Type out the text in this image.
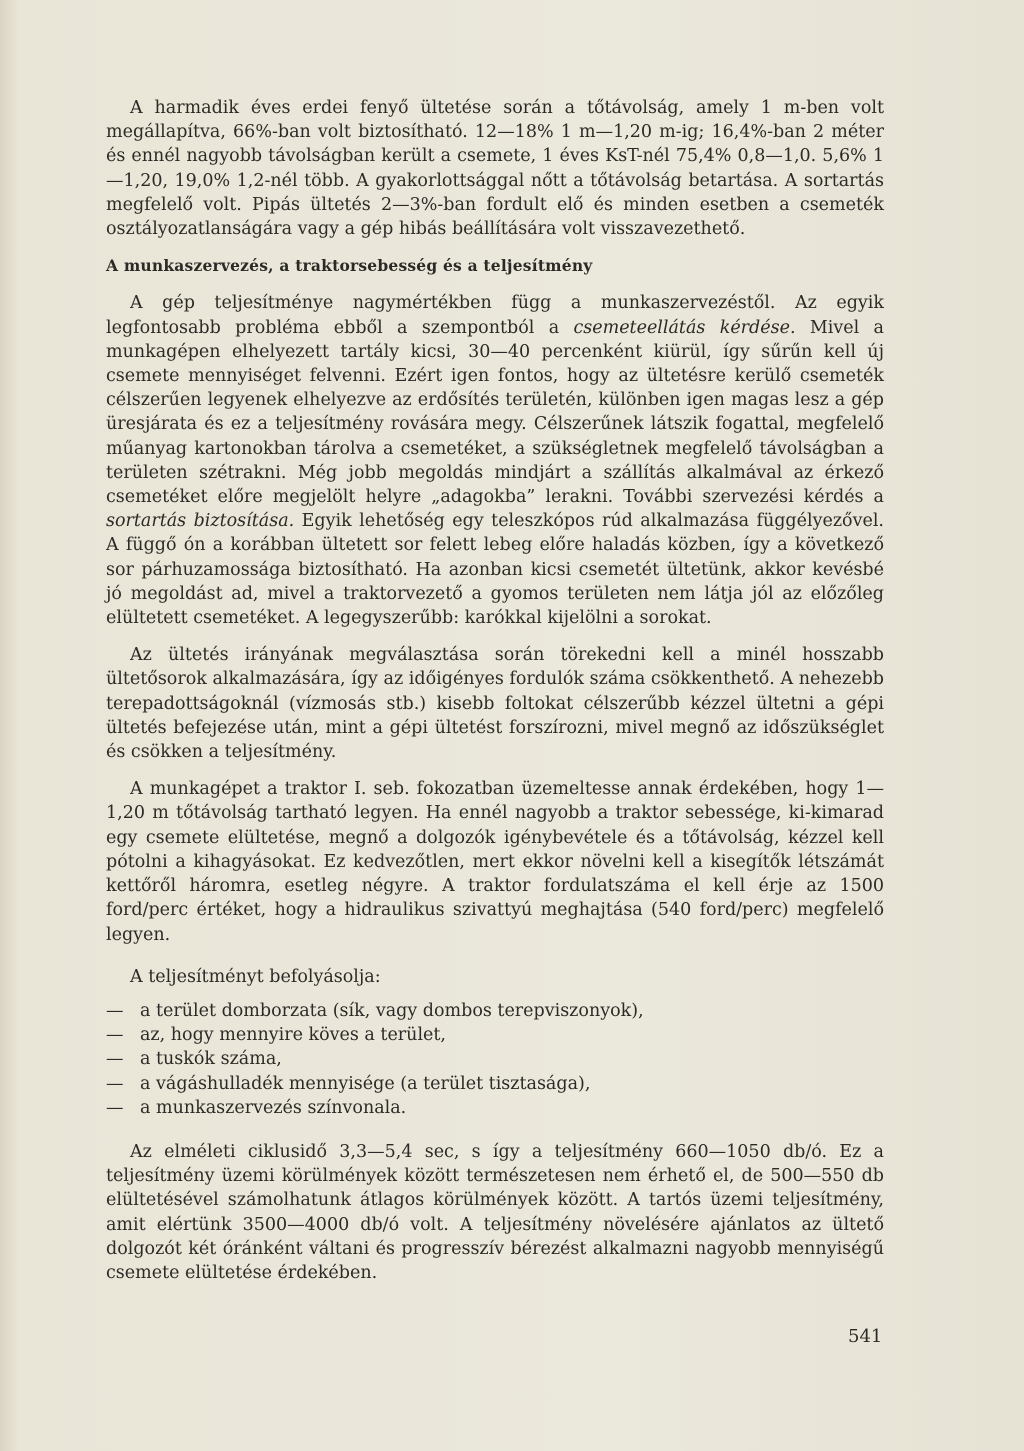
A harmadik éves erdei fenyő ültetése során a tőtávolság, amely 1 m-ben volt megállapítva, 66%-ban volt biztosítható. 12—18% 1 m—1,20 m-ig; 16,4%-ban 2 méter és ennél nagyobb távolságban került a csemete, 1 éves KsT-nél 75,4% 0,8—1,0. 5,6% 1—1,20, 19,0% 1,2-nél több. A gyakorlottsággal nőtt a tőtávolság betartása. A sortartás megfelelő volt. Pipás ültetés 2—3%-ban fordult elő és minden esetben a csemeték osztályozatlanságára vagy a gép hibás beállítására volt visszavezethető.

A munkaszervezés, a traktorsebesség és a teljesítmény

A gép teljesítménye nagymértékben függ a munkaszervezéstől. Az egyik legfontosabb probléma ebből a szempontból a csemeteellátás kérdése. Mivel a munkagépen elhelyezett tartály kicsi, 30—40 percenként kiürül, így sűrűn kell új csemete mennyiséget felvenni. Ezért igen fontos, hogy az ültetésre kerülő csemeték célszerűen legyenek elhelyezve az erdősítés területén, különben igen magas lesz a gép üresjárata és ez a teljesítmény rovására megy. Célszerűnek látszik fogattal, megfelelő műanyag kartonokban tárolva a csemetéket, a szükségletnek megfelelő távolságban a területen szétrakni. Még jobb megoldás mindjárt a szállítás alkalmával az érkező csemetéket előre megjelölt helyre „adagokba” lerakni. További szervezési kérdés a sortartás biztosítása. Egyik lehetőség egy teleszkópos rúd alkalmazása függélyezővel. A függő ón a korábban ültetett sor felett lebeg előre haladás közben, így a következő sor párhuzamossága biztosítható. Ha azonban kicsi csemetét ültetünk, akkor kevésbé jó megoldást ad, mivel a traktorvezető a gyomos területen nem látja jól az előzőleg elültetett csemetéket. A legegyszerűbb: karókkal kijelölni a sorokat.

Az ültetés irányának megválasztása során törekedni kell a minél hosszabb ültetősorok alkalmazására, így az időigényes fordulók száma csökkenthető. A nehezebb terepadottságoknál (vízmosás stb.) kisebb foltokat célszerűbb kézzel ültetni a gépi ültetés befejezése után, mint a gépi ültetést forszírozni, mivel megnő az időszükséglet és csökken a teljesítmény.

A munkagépet a traktor I. seb. fokozatban üzemeltesse annak érdekében, hogy 1—1,20 m tőtávolság tartható legyen. Ha ennél nagyobb a traktor sebessége, ki-kimarad egy csemete elültetése, megnő a dolgozók igénybevétele és a tőtávolság, kézzel kell pótolni a kihagyásokat. Ez kedvezőtlen, mert ekkor növelni kell a kisegítők létszámát kettőről háromra, esetleg négyre. A traktor fordulatszáma el kell érje az 1500 ford/perc értéket, hogy a hidraulikus szivattyú meghajtása (540 ford/perc) megfelelő legyen.

A teljesítményt befolyásolja:

— a terület domborzata (sík, vagy dombos terepviszonyok),
— az, hogy mennyire köves a terület,
— a tuskók száma,
— a vágáshulladék mennyisége (a terület tisztasága),
— a munkaszervezés színvonala.

Az elméleti ciklusidő 3,3—5,4 sec, s így a teljesítmény 660—1050 db/ó. Ez a teljesítmény üzemi körülmények között természetesen nem érhető el, de 500—550 db elültetésével számolhatunk átlagos körülmények között. A tartós üzemi teljesítmény, amit elértünk 3500—4000 db/ó volt. A teljesítmény növelésére ajánlatos az ültető dolgozót két óránként váltani és progresszív bérezést alkalmazni nagyobb mennyiségű csemete elültetése érdekében.

541
